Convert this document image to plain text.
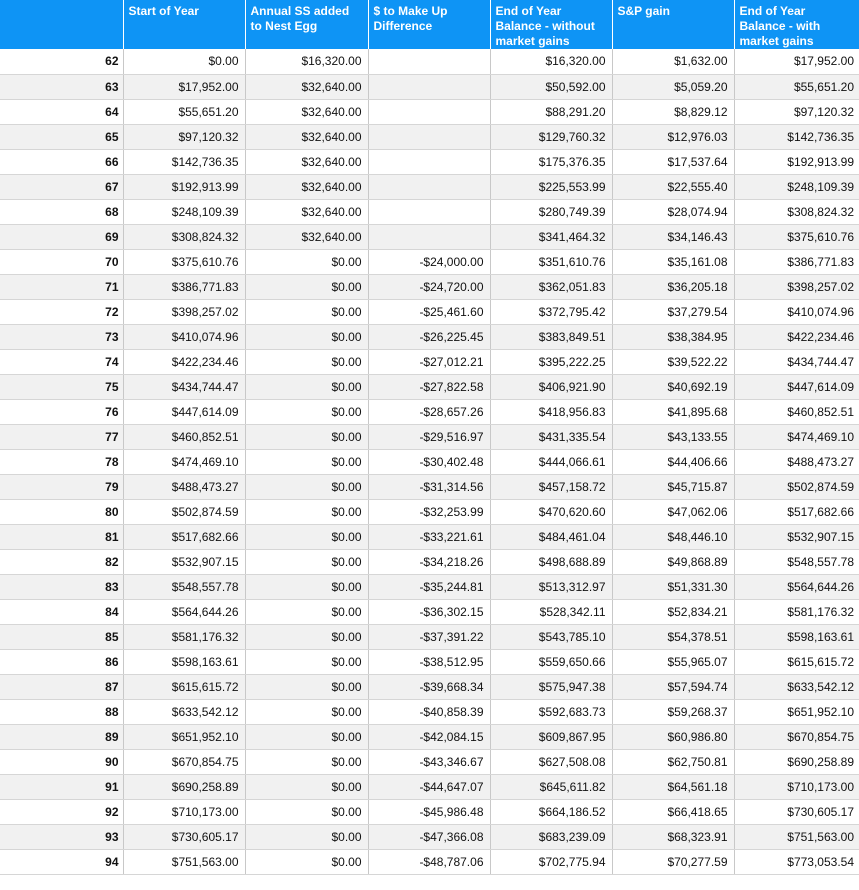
	Start of Year	Annual SS added to Nest Egg	$ to Make Up Difference	End of Year Balance - without market gains	S&P gain	End of Year Balance - with market gains
62	$0.00	$16,320.00		$16,320.00	$1,632.00	$17,952.00
63	$17,952.00	$32,640.00		$50,592.00	$5,059.20	$55,651.20
64	$55,651.20	$32,640.00		$88,291.20	$8,829.12	$97,120.32
65	$97,120.32	$32,640.00		$129,760.32	$12,976.03	$142,736.35
66	$142,736.35	$32,640.00		$175,376.35	$17,537.64	$192,913.99
67	$192,913.99	$32,640.00		$225,553.99	$22,555.40	$248,109.39
68	$248,109.39	$32,640.00		$280,749.39	$28,074.94	$308,824.32
69	$308,824.32	$32,640.00		$341,464.32	$34,146.43	$375,610.76
70	$375,610.76	$0.00	-$24,000.00	$351,610.76	$35,161.08	$386,771.83
71	$386,771.83	$0.00	-$24,720.00	$362,051.83	$36,205.18	$398,257.02
72	$398,257.02	$0.00	-$25,461.60	$372,795.42	$37,279.54	$410,074.96
73	$410,074.96	$0.00	-$26,225.45	$383,849.51	$38,384.95	$422,234.46
74	$422,234.46	$0.00	-$27,012.21	$395,222.25	$39,522.22	$434,744.47
75	$434,744.47	$0.00	-$27,822.58	$406,921.90	$40,692.19	$447,614.09
76	$447,614.09	$0.00	-$28,657.26	$418,956.83	$41,895.68	$460,852.51
77	$460,852.51	$0.00	-$29,516.97	$431,335.54	$43,133.55	$474,469.10
78	$474,469.10	$0.00	-$30,402.48	$444,066.61	$44,406.66	$488,473.27
79	$488,473.27	$0.00	-$31,314.56	$457,158.72	$45,715.87	$502,874.59
80	$502,874.59	$0.00	-$32,253.99	$470,620.60	$47,062.06	$517,682.66
81	$517,682.66	$0.00	-$33,221.61	$484,461.04	$48,446.10	$532,907.15
82	$532,907.15	$0.00	-$34,218.26	$498,688.89	$49,868.89	$548,557.78
83	$548,557.78	$0.00	-$35,244.81	$513,312.97	$51,331.30	$564,644.26
84	$564,644.26	$0.00	-$36,302.15	$528,342.11	$52,834.21	$581,176.32
85	$581,176.32	$0.00	-$37,391.22	$543,785.10	$54,378.51	$598,163.61
86	$598,163.61	$0.00	-$38,512.95	$559,650.66	$55,965.07	$615,615.72
87	$615,615.72	$0.00	-$39,668.34	$575,947.38	$57,594.74	$633,542.12
88	$633,542.12	$0.00	-$40,858.39	$592,683.73	$59,268.37	$651,952.10
89	$651,952.10	$0.00	-$42,084.15	$609,867.95	$60,986.80	$670,854.75
90	$670,854.75	$0.00	-$43,346.67	$627,508.08	$62,750.81	$690,258.89
91	$690,258.89	$0.00	-$44,647.07	$645,611.82	$64,561.18	$710,173.00
92	$710,173.00	$0.00	-$45,986.48	$664,186.52	$66,418.65	$730,605.17
93	$730,605.17	$0.00	-$47,366.08	$683,239.09	$68,323.91	$751,563.00
94	$751,563.00	$0.00	-$48,787.06	$702,775.94	$70,277.59	$773,053.54
